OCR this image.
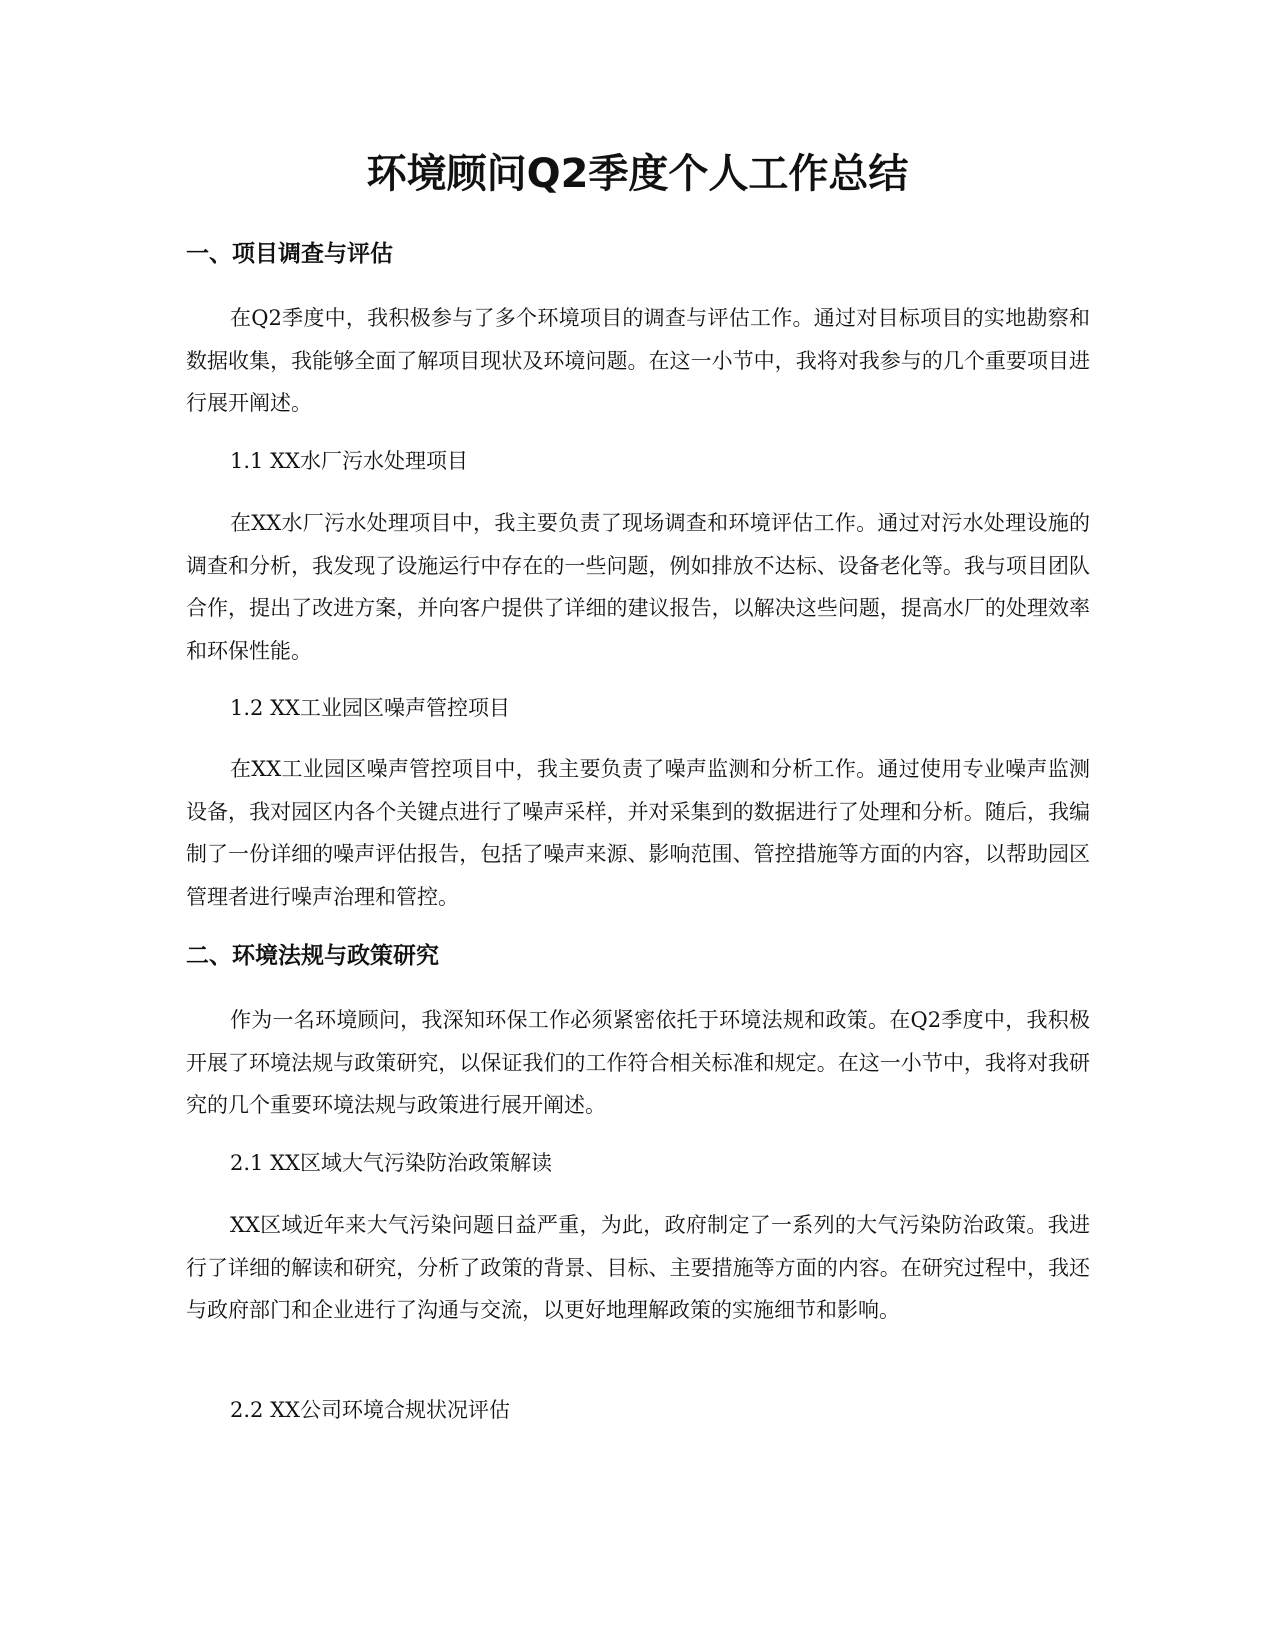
环境顾问Q2季度个人工作总结
一、项目调查与评估

在Q2季度中，我积极参与了多个环境项目的调查与评估工作。通过对目标项目的实地勘察和数据收集，我能够全面了解项目现状及环境问题。在这一小节中，我将对我参与的几个重要项目进行展开阐述。

1.1 XX水厂污水处理项目

在XX水厂污水处理项目中，我主要负责了现场调查和环境评估工作。通过对污水处理设施的调查和分析，我发现了设施运行中存在的一些问题，例如排放不达标、设备老化等。我与项目团队合作，提出了改进方案，并向客户提供了详细的建议报告，以解决这些问题，提高水厂的处理效率和环保性能。

1.2 XX工业园区噪声管控项目

在XX工业园区噪声管控项目中，我主要负责了噪声监测和分析工作。通过使用专业噪声监测设备，我对园区内各个关键点进行了噪声采样，并对采集到的数据进行了处理和分析。随后，我编制了一份详细的噪声评估报告，包括了噪声来源、影响范围、管控措施等方面的内容，以帮助园区管理者进行噪声治理和管控。

二、环境法规与政策研究

作为一名环境顾问，我深知环保工作必须紧密依托于环境法规和政策。在Q2季度中，我积极开展了环境法规与政策研究，以保证我们的工作符合相关标准和规定。在这一小节中，我将对我研究的几个重要环境法规与政策进行展开阐述。

2.1 XX区域大气污染防治政策解读

XX区域近年来大气污染问题日益严重，为此，政府制定了一系列的大气污染防治政策。我进行了详细的解读和研究，分析了政策的背景、目标、主要措施等方面的内容。在研究过程中，我还与政府部门和企业进行了沟通与交流，以更好地理解政策的实施细节和影响。

2.2 XX公司环境合规状况评估
